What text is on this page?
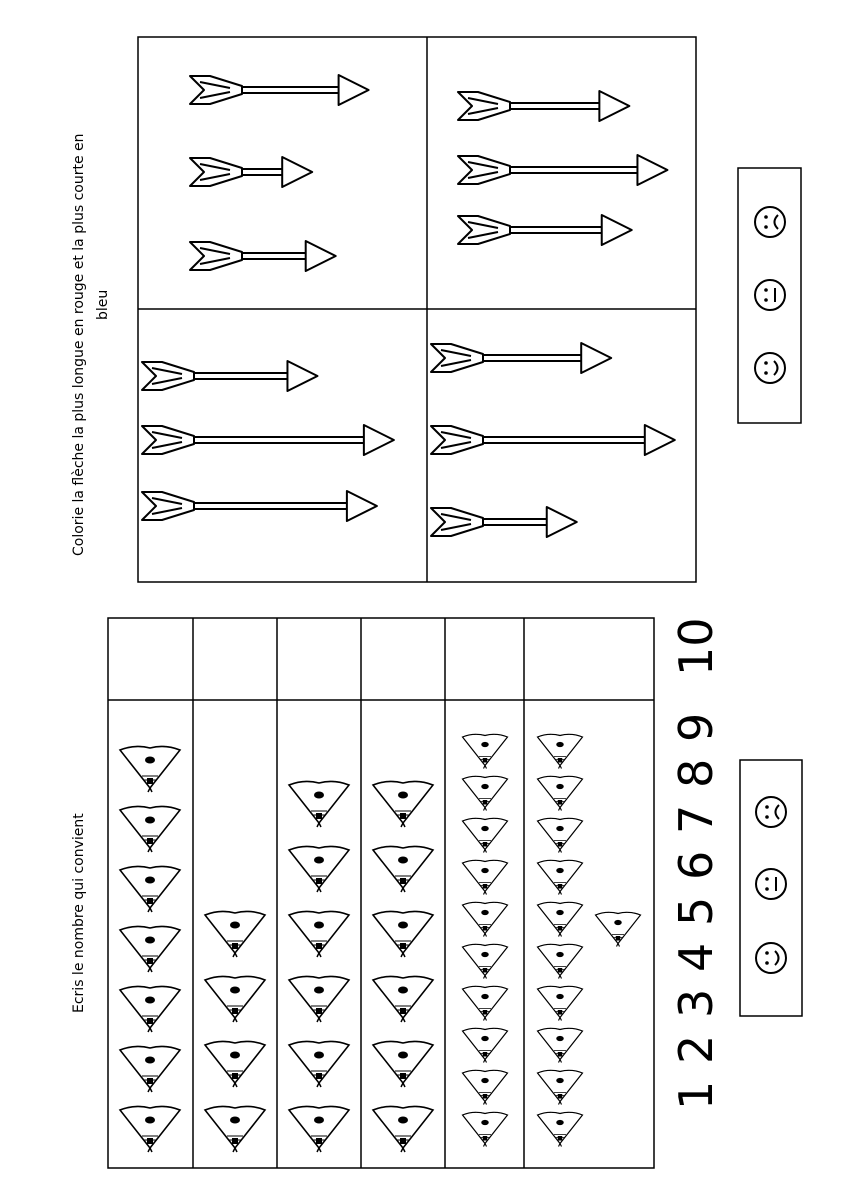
Colorie la flèche la plus longue en rouge et la plus courte en bleu
Ecris le nombre qui convient
1
2
3
4
5
6
7
8
9
10
